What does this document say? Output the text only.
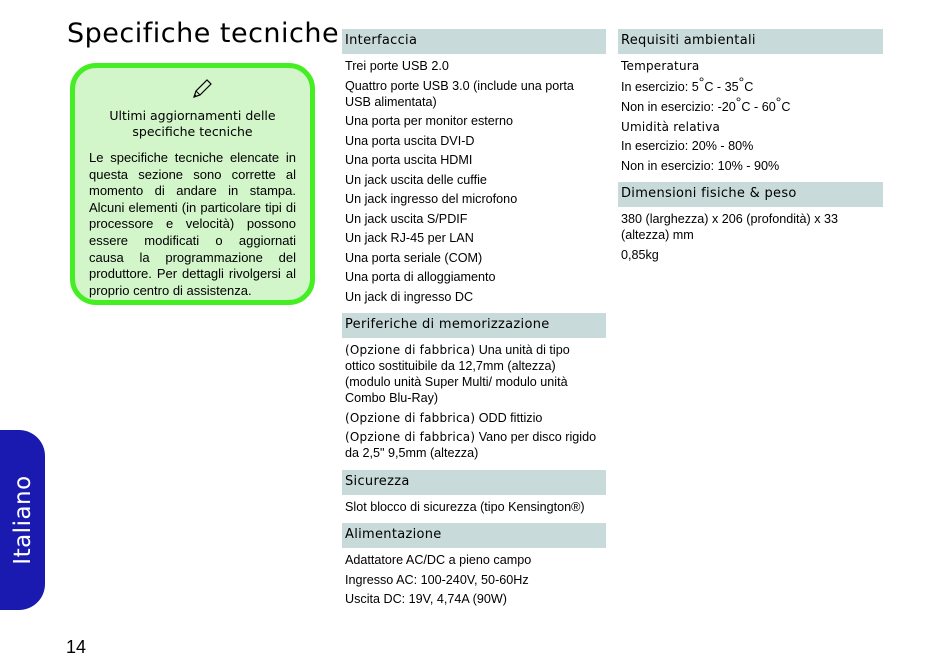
Specifiche tecniche
Ultimi aggiornamenti delle specifiche tecniche
Le specifiche tecniche elencate in questa sezione sono corrette al momento di andare in stampa. Alcuni elementi (in particolare tipi di processore e velocità) possono essere modificati o aggiornati causa la programmazione del produttore. Per dettagli rivolgersi al proprio centro di assistenza.
Interfaccia
Trei porte USB 2.0
Quattro porte USB 3.0 (include una porta USB alimentata)
Una porta per monitor esterno
Una porta uscita DVI-D
Una porta uscita HDMI
Un jack uscita delle cuffie
Un jack ingresso del microfono
Un jack uscita S/PDIF
Un jack RJ-45 per LAN
Una porta seriale (COM)
Una porta di alloggiamento
Un jack di ingresso DC
Periferiche di memorizzazione
(Opzione di fabbrica) Una unità di tipo ottico sostituibile da 12,7mm (altezza) (modulo unità Super Multi/ modulo unità Combo Blu-Ray)
(Opzione di fabbrica) ODD fittizio
(Opzione di fabbrica) Vano per disco rigido da 2,5" 9,5mm (altezza)
Sicurezza
Slot blocco di sicurezza (tipo Kensington®)
Alimentazione
Adattatore AC/DC a pieno campo
Ingresso AC: 100-240V, 50-60Hz
Uscita DC: 19V, 4,74A (90W)
Requisiti ambientali
Temperatura
In esercizio: 5°C - 35°C
Non in esercizio: -20°C - 60°C
Umidità relativa
In esercizio: 20% - 80%
Non in esercizio: 10% - 90%
Dimensioni fisiche & peso
380 (larghezza) x 206 (profondità) x 33 (altezza) mm
0,85kg
Italiano
14
